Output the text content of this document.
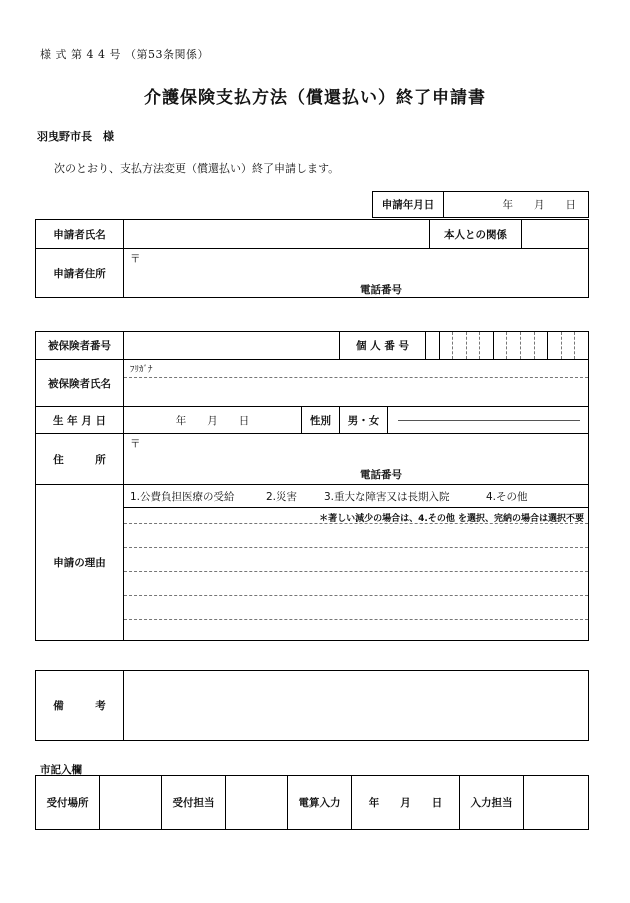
様 式 第 4 4 号 （第53条関係）
介護保険支払方法（償還払い）終了申請書
羽曳野市長　様
次のとおり、支払方法変更（償還払い）終了申請します。
申請年月日	年　　月　　日
申請者氏名		本人との関係	
申請者住所	〒
電話番号		
被保険者番号			個 人 番 号	

被保険者氏名	ﾌﾘｶﾞﾅ			

生 年 月 日	年　　月　　日	性別	男・女	

住　　　所	〒
電話番号			

申請の理由	1.公費負担医療の受給 2.災害 3.重大な障害又は長期入院 4.その他
＊著しい減少の場合は、4.その他 を選択、完納の場合は選択不要			
備　　　考	
市記入欄
受付場所		受付担当		電算入力	年　　月　　日	入力担当	
